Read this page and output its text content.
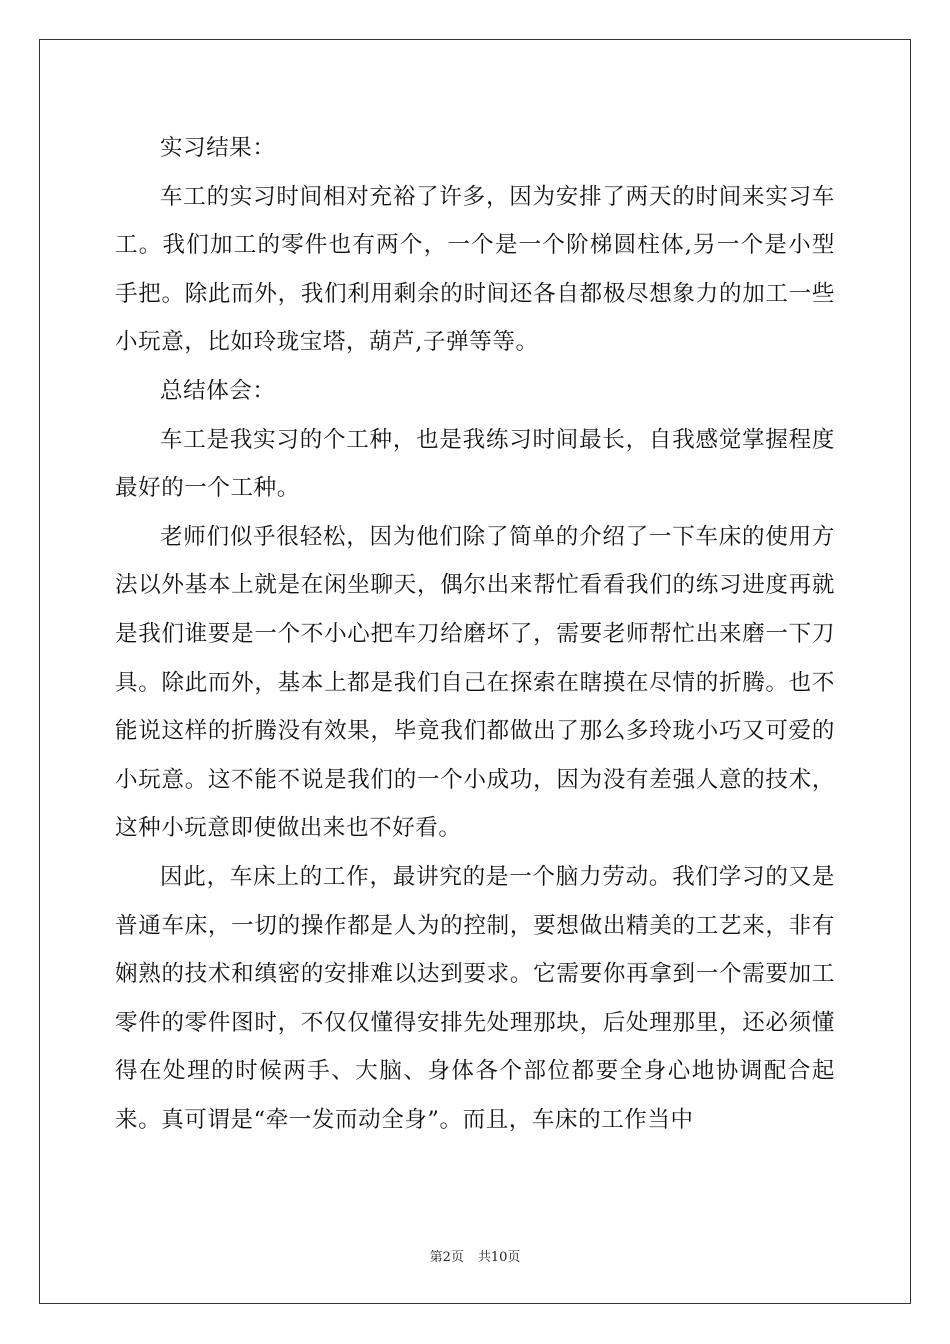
实习结果：

车工的实习时间相对充裕了许多，因为安排了两天的时间来实习车工。我们加工的零件也有两个，一个是一个阶梯圆柱体,另一个是小型手把。除此而外，我们利用剩余的时间还各自都极尽想象力的加工一些小玩意，比如玲珑宝塔，葫芦,子弹等等。

总结体会：

车工是我实习的个工种，也是我练习时间最长，自我感觉掌握程度最好的一个工种。

老师们似乎很轻松，因为他们除了简单的介绍了一下车床的使用方法以外基本上就是在闲坐聊天，偶尔出来帮忙看看我们的练习进度再就是我们谁要是一个不小心把车刀给磨坏了，需要老师帮忙出来磨一下刀具。除此而外，基本上都是我们自己在探索在瞎摸在尽情的折腾。也不能说这样的折腾没有效果，毕竟我们都做出了那么多玲珑小巧又可爱的小玩意。这不能不说是我们的一个小成功，因为没有差强人意的技术，这种小玩意即使做出来也不好看。

因此，车床上的工作，最讲究的是一个脑力劳动。我们学习的又是普通车床，一切的操作都是人为的控制，要想做出精美的工艺来，非有娴熟的技术和缜密的安排难以达到要求。它需要你再拿到一个需要加工零件的零件图时，不仅仅懂得安排先处理那块，后处理那里，还必须懂得在处理的时候两手、大脑、身体各个部位都要全身心地协调配合起来。真可谓是“牵一发而动全身”。而且，车床的工作当中

第2页 共10页
